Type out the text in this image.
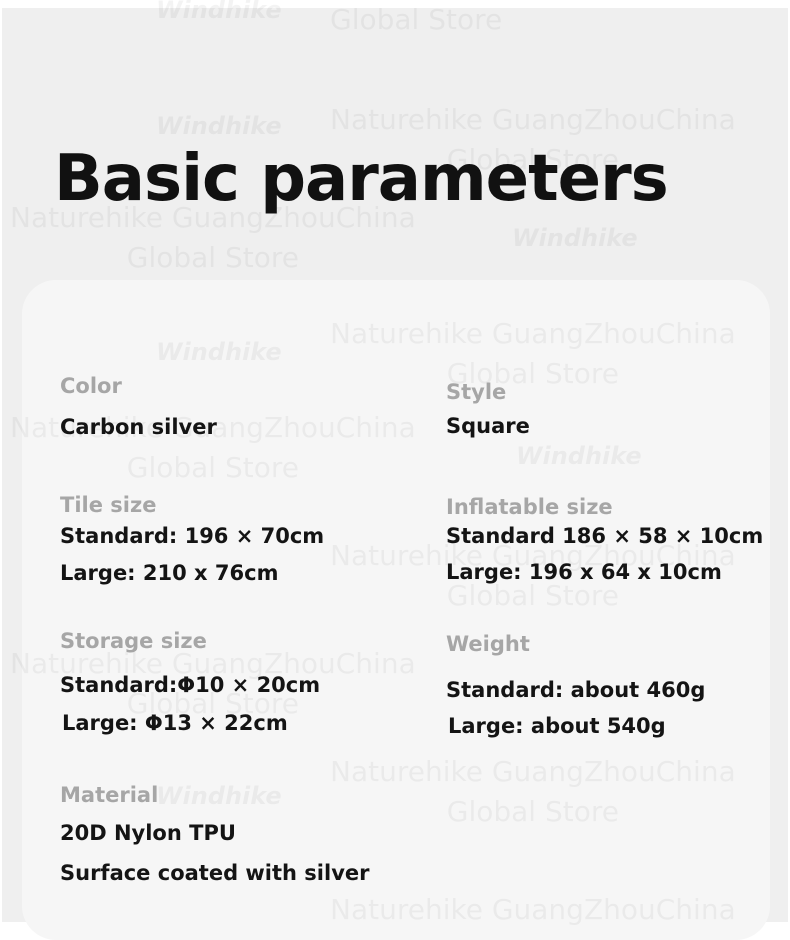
Basic parameters

Color

Carbon silver

Style

Square

Tile size

Standard: 196 × 70cm

Large: 210 x 76cm

Inflatable size

Standard 186 × 58 × 10cm

Large: 196 x 64 x 10cm

Storage size

Standard:Φ10 × 20cm

Large: Φ13 × 22cm

Weight

Standard: about 460g

Large: about 540g

Material

20D Nylon TPU

Surface coated with silver
